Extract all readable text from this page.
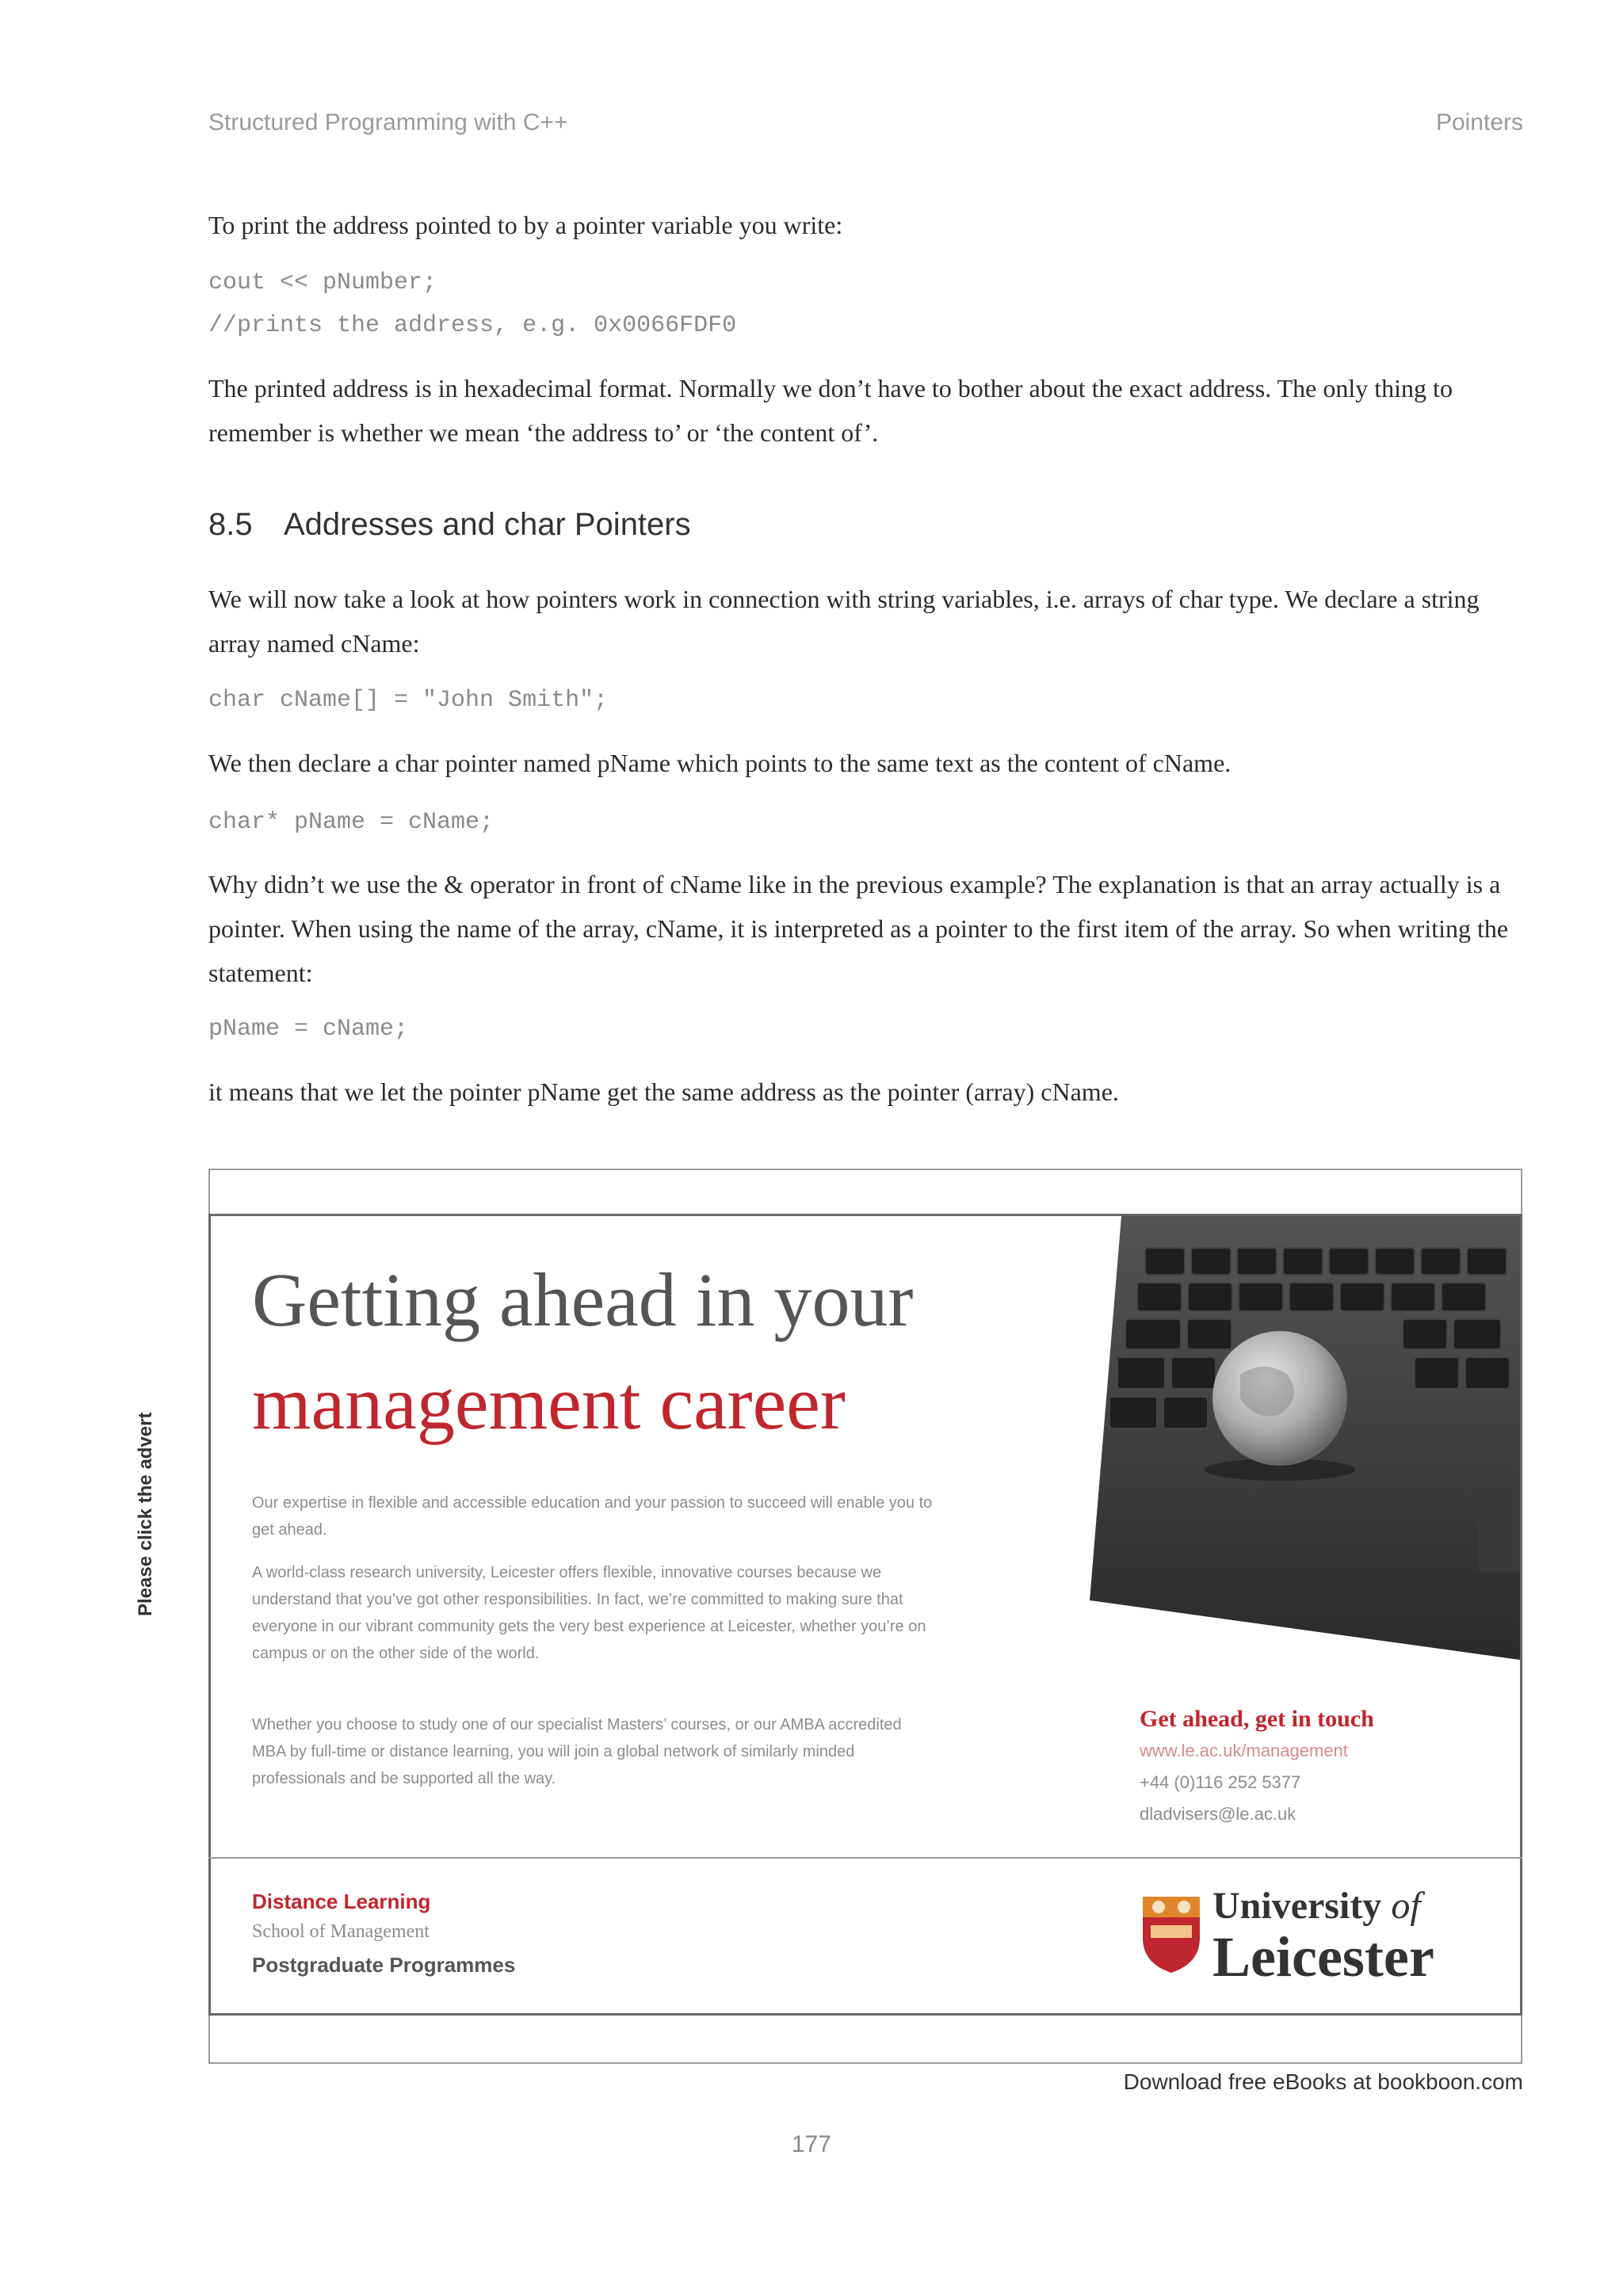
Structured Programming with C++	Pointers
To print the address pointed to by a pointer variable you write:
cout << pNumber;
//prints the address, e.g. 0x0066FDF0
The printed address is in hexadecimal format. Normally we don’t have to bother about the exact address. The only thing to remember is whether we mean ‘the address to’ or ‘the content of’.
8.5 Addresses and char Pointers
We will now take a look at how pointers work in connection with string variables, i.e. arrays of char type. We declare a string array named cName:
char cName[] = "John Smith";
We then declare a char pointer named pName which points to the same text as the content of cName.
char* pName = cName;
Why didn’t we use the & operator in front of cName like in the previous example? The explanation is that an array actually is a pointer. When using the name of the array, cName, it is interpreted as a pointer to the first item of the array. So when writing the statement:
pName = cName;
it means that we let the pointer pName get the same address as the pointer (array) cName.
Please click the advert
Getting ahead in your
management career
Our expertise in flexible and accessible education and your passion to succeed will enable you to get ahead.
A world-class research university, Leicester offers flexible, innovative courses because we understand that you’ve got other responsibilities. In fact, we’re committed to making sure that everyone in our vibrant community gets the very best experience at Leicester, whether you’re on campus or on the other side of the world.
Whether you choose to study one of our specialist Masters’ courses, or our AMBA accredited MBA by full-time or distance learning, you will join a global network of similarly minded professionals and be supported all the way.
Get ahead, get in touch
www.le.ac.uk/management
+44 (0)116 252 5377
dladvisers@le.ac.uk
Distance Learning
School of Management
Postgraduate Programmes
University of
Leicester
Download free eBooks at bookboon.com
177
